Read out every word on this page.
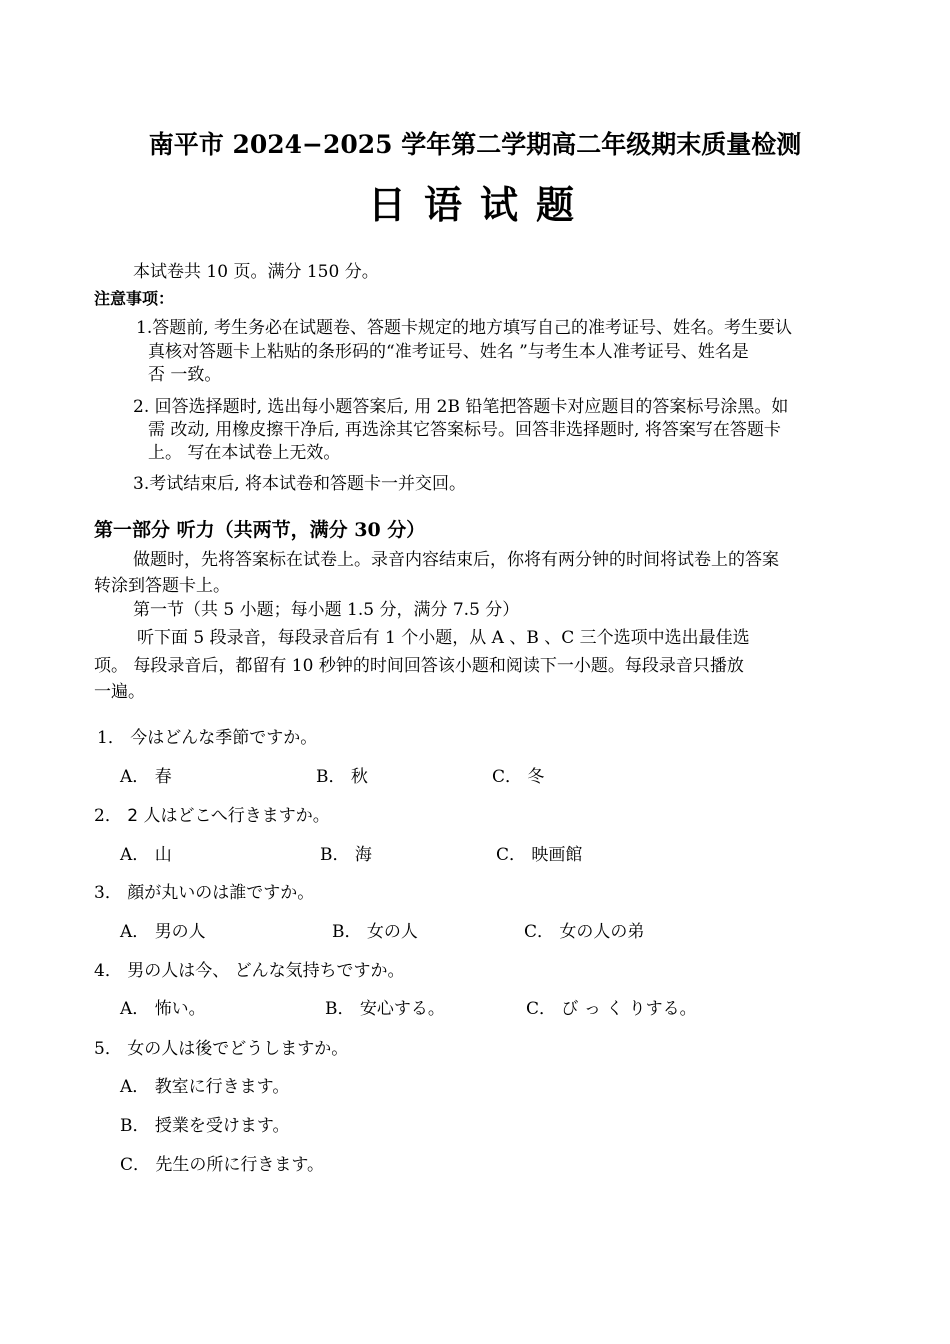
南平市 2024−2025 学年第二学期高二年级期末质量检测
日语试题
本试卷共 10 页。满分 150 分。
注意事项：
1.答题前, 考生务必在试题卷、答题卡规定的地方填写自己的准考证号、姓名。考生要认
真核对答题卡上粘贴的条形码的“准考证号、姓名 ”与考生本人准考证号、姓名是
否 一致。
2. 回答选择题时, 选出每小题答案后, 用 2B 铅笔把答题卡对应题目的答案标号涂黑。如
需 改动, 用橡皮擦干净后, 再选涂其它答案标号。回答非选择题时, 将答案写在答题卡
上。 写在本试卷上无效。
3.考试结束后, 将本试卷和答题卡一并交回。
第一部分 听力（共两节，满分 30 分）
做题时，先将答案标在试卷上。录音内容结束后，你将有两分钟的时间将试卷上的答案
转涂到答题卡上。
第一节（共 5 小题；每小题 1.5 分，满分 7.5 分）
听下面 5 段录音，每段录音后有 1 个小题，从 A 、B 、C 三个选项中选出最佳选
项。 每段录音后，都留有 10 秒钟的时间回答该小题和阅读下一小题。每段录音只播放
一遍。
1． 今はどんな季節ですか。
A． 春	B． 秋	C． 冬
2． 2 人はどこへ行きますか。
A． 山	B． 海	C． 映画館
3． 顔が丸いのは誰ですか。
A． 男の人	B． 女の人	C． 女の人の弟
4． 男の人は今、 どんな気持ちですか。
A． 怖い。	B． 安心する。	C． び っ く りする。
5． 女の人は後でどうしますか。
A． 教室に行きます。
B． 授業を受けます。
C． 先生の所に行きます。
